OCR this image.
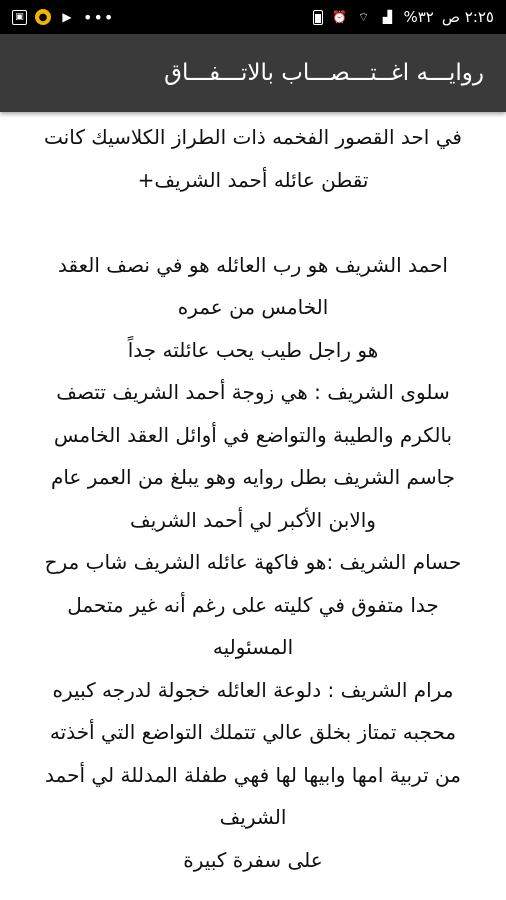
▣	●	▶ •••	⏰ ⌔ ▟ %٣٢ ٢:٢٥ ص
روايـــه اغــتـــصـــاب بالاتـــفـــاق
في احد القصور الفخمه ذات الطراز الكلاسيك كانت
تقطن عائله أحمد الشريف+
احمد الشريف هو رب العائله هو في نصف العقد
الخامس من عمره
هو راجل طيب يحب عائلته جداً
سلوى الشريف : هي زوجة أحمد الشريف تتصف
بالكرم والطيبة والتواضع في أوائل العقد الخامس
جاسم الشريف بطل روايه وهو يبلغ من العمر عام
والابن الأكبر لي أحمد الشريف
حسام الشريف :هو فاكهة عائله الشريف شاب مرح
جدا متفوق في كليته على رغم أنه غير متحمل
المسئوليه
مرام الشريف : دلوعة العائله خجولة لدرجه كبيره
محجبه تمتاز بخلق عالي تتملك التواضع التي أخذته
من تربية امها وابيها لها فهي طفلة المدللة لي أحمد
الشريف
على سفرة كبيرة
